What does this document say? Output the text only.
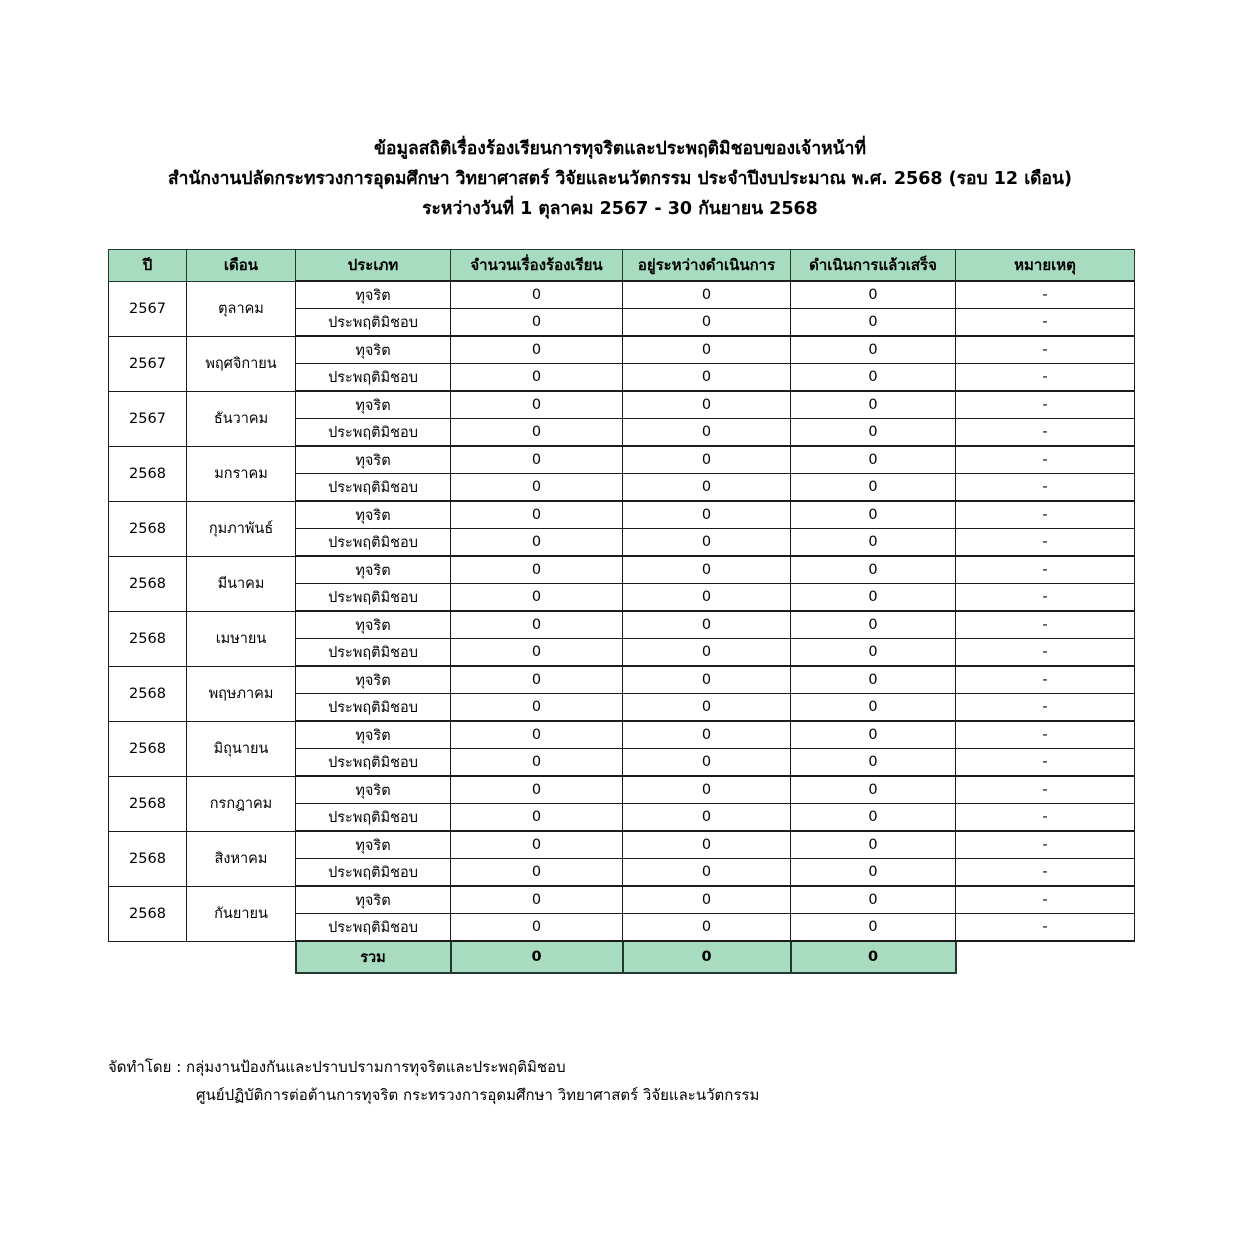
ข้อมูลสถิติเรื่องร้องเรียนการทุจริตและประพฤติมิชอบของเจ้าหน้าที่
สำนักงานปลัดกระทรวงการอุดมศึกษา วิทยาศาสตร์ วิจัยและนวัตกรรม ประจำปีงบประมาณ พ.ศ. 2568 (รอบ 12 เดือน)
ระหว่างวันที่ 1 ตุลาคม 2567 - 30 กันยายน 2568
ปี	เดือน	ประเภท	จำนวนเรื่องร้องเรียน	อยู่ระหว่างดำเนินการ	ดำเนินการแล้วเสร็จ	หมายเหตุ
2567	ตุลาคม	ทุจริต	0	0	0	-
		ประพฤติมิชอบ	0	0	0	-
2567	พฤศจิกายน	ทุจริต	0	0	0	-
		ประพฤติมิชอบ	0	0	0	-
2567	ธันวาคม	ทุจริต	0	0	0	-
		ประพฤติมิชอบ	0	0	0	-
2568	มกราคม	ทุจริต	0	0	0	-
		ประพฤติมิชอบ	0	0	0	-
2568	กุมภาพันธ์	ทุจริต	0	0	0	-
		ประพฤติมิชอบ	0	0	0	-
2568	มีนาคม	ทุจริต	0	0	0	-
		ประพฤติมิชอบ	0	0	0	-
2568	เมษายน	ทุจริต	0	0	0	-
		ประพฤติมิชอบ	0	0	0	-
2568	พฤษภาคม	ทุจริต	0	0	0	-
		ประพฤติมิชอบ	0	0	0	-
2568	มิถุนายน	ทุจริต	0	0	0	-
		ประพฤติมิชอบ	0	0	0	-
2568	กรกฎาคม	ทุจริต	0	0	0	-
		ประพฤติมิชอบ	0	0	0	-
2568	สิงหาคม	ทุจริต	0	0	0	-
		ประพฤติมิชอบ	0	0	0	-
2568	กันยายน	ทุจริต	0	0	0	-
		ประพฤติมิชอบ	0	0	0	-
		รวม	0	0	0	
จัดทำโดย : กลุ่มงานป้องกันและปราบปรามการทุจริตและประพฤติมิชอบ
ศูนย์ปฏิบัติการต่อต้านการทุจริต กระทรวงการอุดมศึกษา วิทยาศาสตร์ วิจัยและนวัตกรรม
